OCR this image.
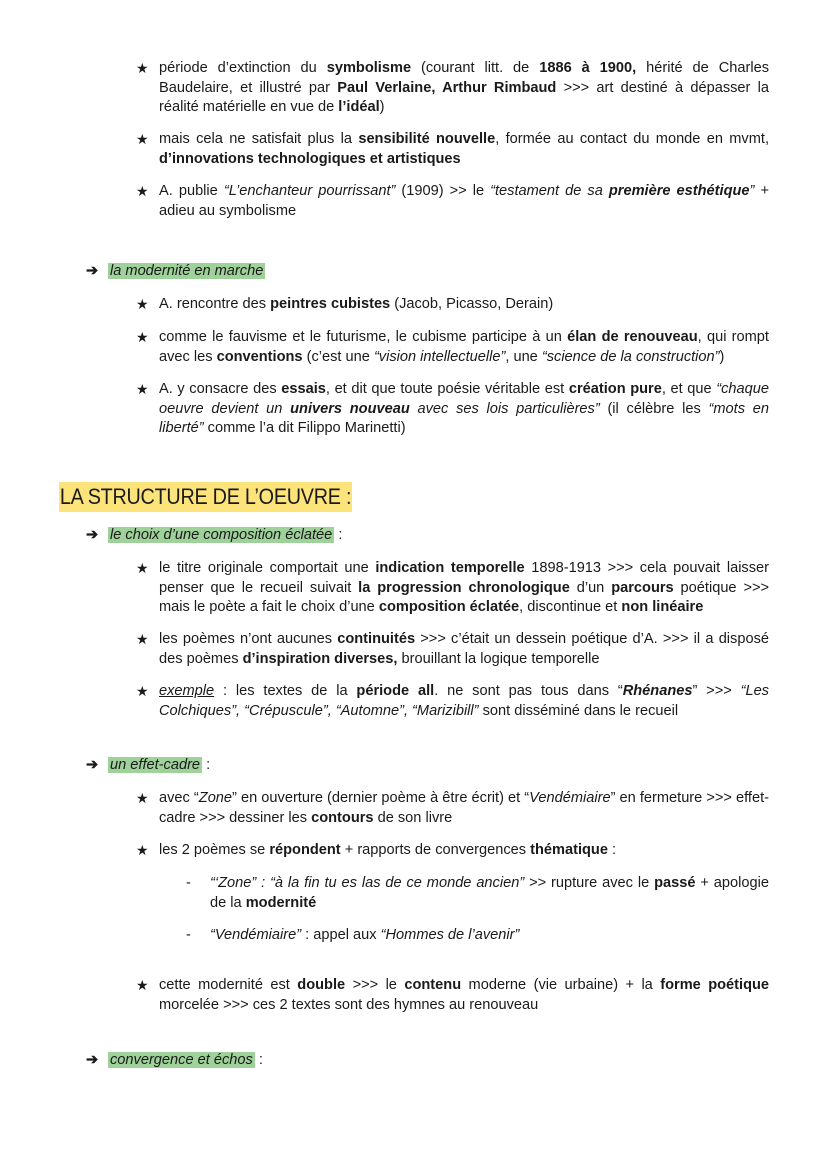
★ période d’extinction du symbolisme (courant litt. de 1886 à 1900, hérité de Charles Baudelaire, et illustré par Paul Verlaine, Arthur Rimbaud >>> art destiné à dépasser la réalité matérielle en vue de l’idéal)
★ mais cela ne satisfait plus la sensibilité nouvelle, formée au contact du monde en mvmt, d’innovations technologiques et artistiques
★ A. publie “L’enchanteur pourrissant” (1909) >> le “testament de sa première esthétique” + adieu au symbolisme
➔ la modernité en marche
★ A. rencontre des peintres cubistes (Jacob, Picasso, Derain)
★ comme le fauvisme et le futurisme, le cubisme participe à un élan de renouveau, qui rompt avec les conventions (c’est une “vision intellectuelle”, une “science de la construction”)
★ A. y consacre des essais, et dit que toute poésie véritable est création pure, et que “chaque oeuvre devient un univers nouveau avec ses lois particulières” (il célèbre les “mots en liberté” comme l’a dit Filippo Marinetti)
LA STRUCTURE DE L’OEUVRE :
➔ le choix d’une composition éclatée :
★ le titre originale comportait une indication temporelle 1898-1913 >>> cela pouvait laisser penser que le recueil suivait la progression chronologique d’un parcours poétique >>> mais le poète a fait le choix d’une composition éclatée, discontinue et non linéaire
★ les poèmes n’ont aucunes continuités >>> c’était un dessein poétique d’A. >>> il a disposé des poèmes d’inspiration diverses, brouillant la logique temporelle
★ exemple : les textes de la période all. ne sont pas tous dans “Rhénanes” >>> “Les Colchiques”, “Crépuscule”, “Automne”, “Marizibill” sont disséminé dans le recueil
➔ un effet-cadre :
★ avec “Zone” en ouverture (dernier poème à être écrit) et “Vendémiaire” en fermeture >>> effet-cadre >>> dessiner les contours de son livre
★ les 2 poèmes se répondent + rapports de convergences thématique :
- “‘Zone” : “à la fin tu es las de ce monde ancien” >> rupture avec le passé + apologie de la modernité
- “Vendémiaire” : appel aux “Hommes de l’avenir”
★ cette modernité est double >>> le contenu moderne (vie urbaine) + la forme poétique morcelée >>> ces 2 textes sont des hymnes au renouveau
➔ convergence et échos :
